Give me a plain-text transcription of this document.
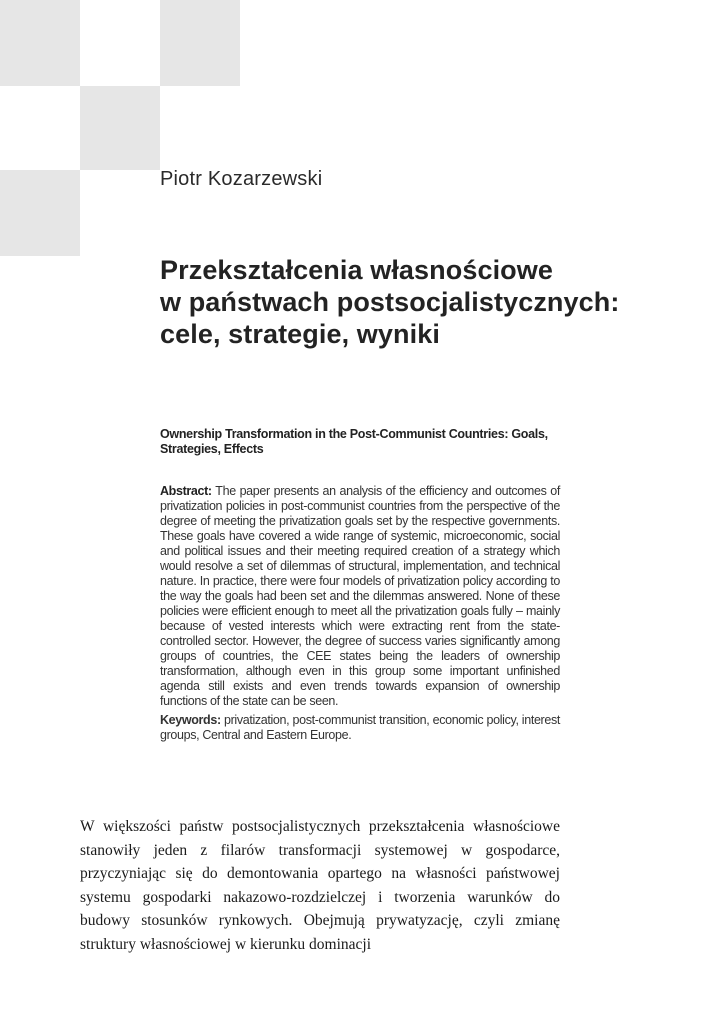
Piotr Kozarzewski
Przekształcenia własnościowe
w państwach postsocjalistycznych:
cele, strategie, wyniki
Ownership Transformation in the Post-Communist Countries: Goals, Strategies, Effects
Abstract: The paper presents an analysis of the efficiency and outcomes of privatization policies in post-communist countries from the perspective of the degree of meeting the privatization goals set by the respective governments. These goals have covered a wide range of systemic, microeconomic, social and political issues and their meeting required creation of a strategy which would resolve a set of dilemmas of structural, implementation, and technical nature. In practice, there were four models of privatization policy according to the way the goals had been set and the dilemmas answered. None of these policies were efficient enough to meet all the privatization goals fully – mainly because of vested interests which were extracting rent from the state-controlled sector. However, the degree of success varies significantly among groups of countries, the CEE states being the leaders of ownership transformation, although even in this group some important unfinished agenda still exists and even trends towards expansion of ownership functions of the state can be seen.
Keywords: privatization, post-communist transition, economic policy, interest groups, Central and Eastern Europe.
W większości państw postsocjalistycznych przekształcenia własnościowe stanowiły jeden z filarów transformacji systemowej w gospodarce, przyczyniając się do demontowania opartego na własności państwowej systemu gospodarki nakazowo-rozdzielczej i tworzenia warunków do budowy stosunków rynkowych. Obejmują prywatyzację, czyli zmianę struktury własnościowej w kierunku dominacji
